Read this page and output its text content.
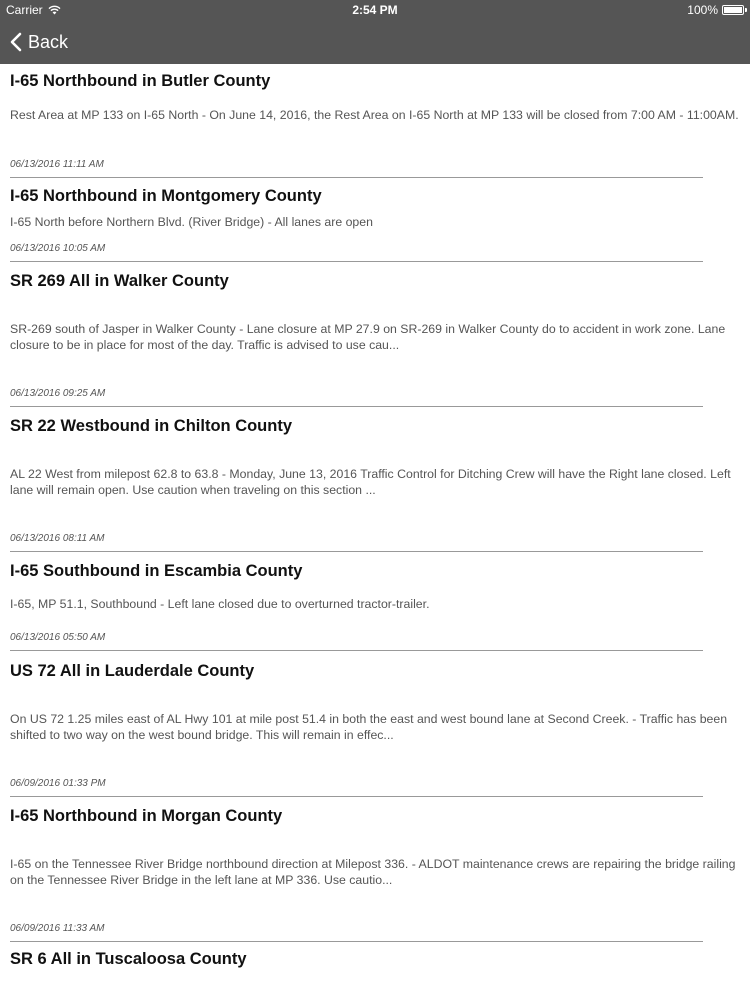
Carrier	2:54 PM	100%
Back
I-65 Northbound in Butler County
Rest Area at MP 133 on I-65 North - On June 14, 2016, the Rest Area on I-65 North at MP 133 will be closed from 7:00 AM - 11:00AM.
06/13/2016 11:11 AM
I-65 Northbound in Montgomery County
I-65 North before Northern Blvd. (River Bridge) - All lanes are open
06/13/2016 10:05 AM
SR 269 All in Walker County
SR-269 south of Jasper in Walker County - Lane closure at MP 27.9 on SR-269 in Walker County do to accident in work zone. Lane closure to be in place for most of the day. Traffic is advised to use cau...
06/13/2016 09:25 AM
SR 22 Westbound in Chilton County
AL 22 West from milepost 62.8 to 63.8 - Monday, June 13, 2016 Traffic Control for Ditching Crew will have the Right lane closed. Left lane will remain open. Use caution when traveling on this section ...
06/13/2016 08:11 AM
I-65 Southbound in Escambia County
I-65, MP 51.1, Southbound - Left lane closed due to overturned tractor-trailer.
06/13/2016 05:50 AM
US 72 All in Lauderdale County
On US 72 1.25 miles east of AL Hwy 101 at mile post 51.4 in both the east and west bound lane at Second Creek. - Traffic has been shifted to two way on the west bound bridge. This will remain in effec...
06/09/2016 01:33 PM
I-65 Northbound in Morgan County
I-65 on the Tennessee River Bridge northbound direction at Milepost 336. - ALDOT maintenance crews are repairing the bridge railing on the Tennessee River Bridge in the left lane at MP 336. Use cautio...
06/09/2016 11:33 AM
SR 6 All in Tuscaloosa County
